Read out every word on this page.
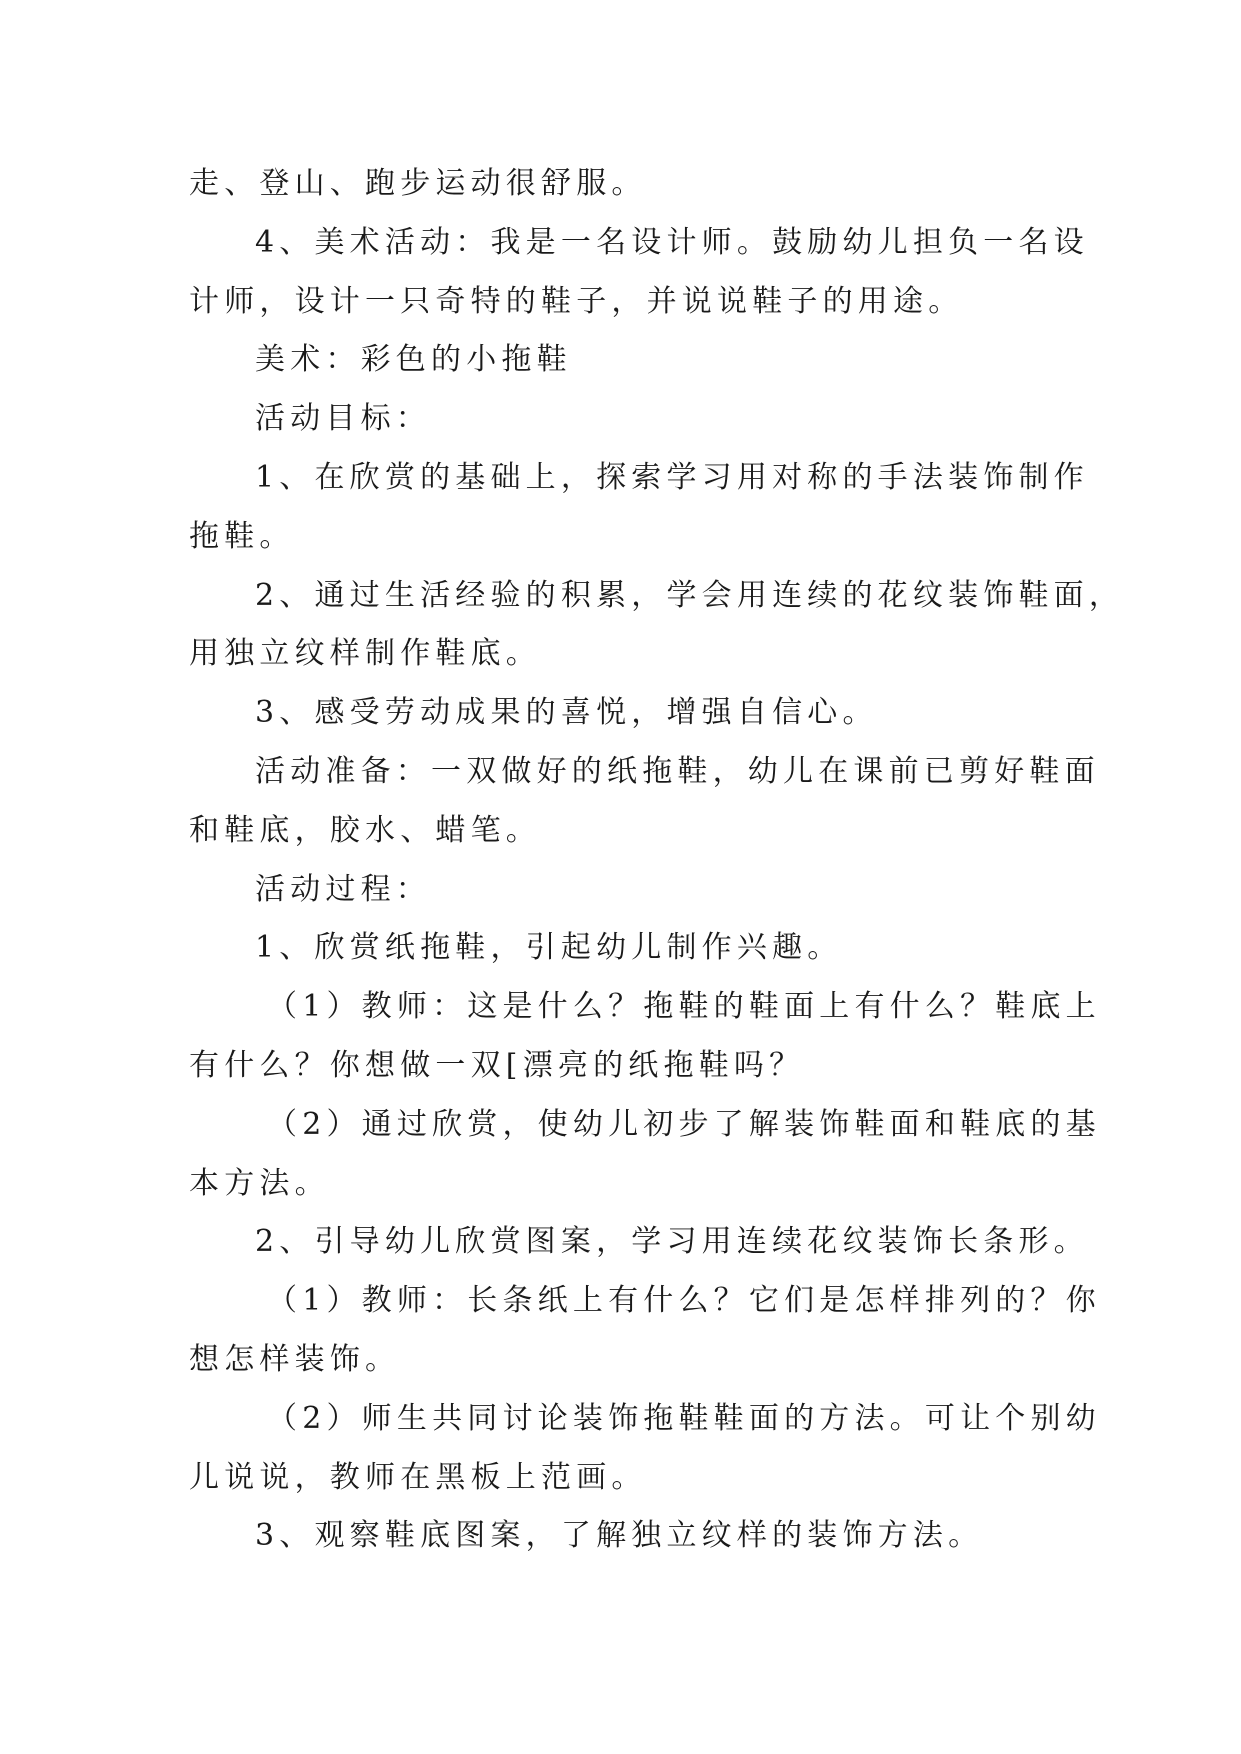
走、登山、跑步运动很舒服。
4、美术活动：我是一名设计师。鼓励幼儿担负一名设
计师，设计一只奇特的鞋子，并说说鞋子的用途。
美术：彩色的小拖鞋
活动目标：
1、在欣赏的基础上，探索学习用对称的手法装饰制作
拖鞋。
2、通过生活经验的积累，学会用连续的花纹装饰鞋面，
用独立纹样制作鞋底。
3、感受劳动成果的喜悦，增强自信心。
活动准备：一双做好的纸拖鞋，幼儿在课前已剪好鞋面
和鞋底，胶水、蜡笔。
活动过程：
1、欣赏纸拖鞋，引起幼儿制作兴趣。
（1）教师：这是什么？拖鞋的鞋面上有什么？鞋底上
有什么？你想做一双[漂亮的纸拖鞋吗？
（2）通过欣赏，使幼儿初步了解装饰鞋面和鞋底的基
本方法。
2、引导幼儿欣赏图案，学习用连续花纹装饰长条形。
（1）教师：长条纸上有什么？它们是怎样排列的？你
想怎样装饰。
（2）师生共同讨论装饰拖鞋鞋面的方法。可让个别幼
儿说说，教师在黑板上范画。
3、观察鞋底图案，了解独立纹样的装饰方法。
